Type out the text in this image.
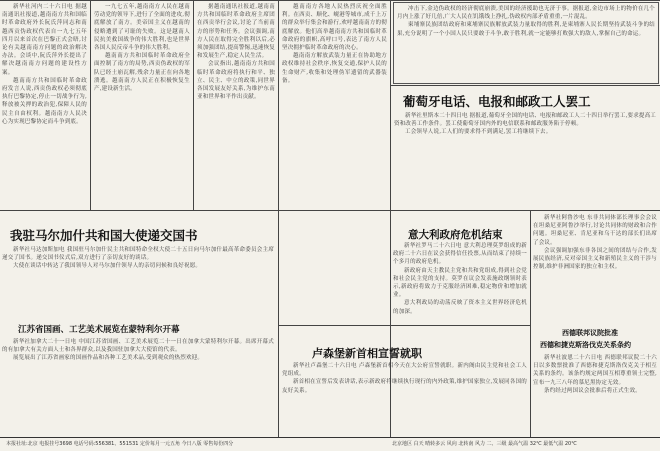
新华社河内二十六日电 据越南通讯社报道,越南南方共和国临时革命政府外长阮氏萍同志和南越西贡伪政权代表自一九七五年四月以来首次在巴黎正式会晤,讨论有关越南南方问题的政治解决办法。会谈中,阮氏萍外长提出了解决越南南方问题的建设性方案。

越南南方共和国临时革命政府发言人说,西贡伪政权必须彻底执行巴黎协定,停止一切战争行为,释放被关押的政治犯,保障人民的民主自由权利。越南南方人民决心为实现巴黎协定而斗争到底。

一九七五年,越南南方人民在越南劳动党的领导下,进行了全面的进攻,彻底解放了南方。美帝国主义在越南的侵略遭到了可耻的失败。这是越南人民抗美救国战争的伟大胜利,也是世界各国人民反帝斗争的伟大胜利。

越南南方共和国临时革命政府全面控制了南方的局势,西贡伪政权的军队已经土崩瓦解,残余力量正在向各地溃逃。越南南方人民正在积极恢复生产,建设新生活。

据越南通讯社报道,越南南方共和国临时革命政府主席团在西贡举行会议,讨论了当前南方的形势和任务。会议强调,南方人民在取得完全胜利以后,必须加强团结,提高警惕,迅速恢复和发展生产,稳定人民生活。

会议指出,越南南方共和国临时革命政府将执行和平、独立、民主、中立的政策,同世界各国发展友好关系,为维护东南亚和世界和平作出贡献。

越南南方各地人民热烈庆祝全面胜利。在西贡、顺化、岘港等城市,成千上万的群众举行集会和游行,欢呼越南南方的彻底解放。他们高举越南南方共和国临时革命政府的旗帜,高呼口号,表达了南方人民坚决拥护临时革命政府的决心。

越南南方解放武装力量正在协助地方政权维持社会秩序,恢复交通,保护人民的生命财产,收集和处理伪军遗留的武器装备。

冲击下,金边伪政权的经济彻底崩溃,美国的经济援助也无济于事。据报道,金边市场上的物价在几个月内上涨了好几倍,广大人民在饥饿线上挣扎,伪政权内部矛盾重重,一片混乱。

柬埔寨民族团结政府和柬埔寨民族解放武装力量取得的胜利,是柬埔寨人民长期坚持武装斗争的结果,充分说明了一个小国人民只要敢于斗争,敢于胜利,就一定能够打败强大的敌人,掌握自己的命运。

葡萄牙电话、电报和邮政工人罢工

新华社里斯本二十四日电 据报道,葡萄牙全国的电话、电报和邮政工人二十四日举行罢工,要求提高工资和改善工作条件。罢工使葡萄牙国内外的电信联系和邮政服务陷于停顿。

工会领导人说,工人们的要求得不到满足,罢工将继续下去。

我驻马尔加什共和国大使递交国书

新华社马达加斯加电 我国驻马尔加什民主共和国特命全权大使二十五日向马尔加什最高革命委员会主席递交了国书。递交国书仪式后,双方进行了亲切友好的谈话。

大使在谈话中转达了我国领导人对马尔加什领导人的亲切问候和良好祝愿。

江苏省国画、工艺美术展览在蒙特利尔开幕

新华社加拿大二十一日电 中国江苏省国画、工艺美术展览二十一日在加拿大蒙特利尔开幕。出席开幕式的有加拿大有关方面人士和各界群众,以及我国驻加拿大大使馆的代表。

展览展出了江苏省画家的国画作品和各种工艺美术品,受到观众的热烈欢迎。

意大利政府危机结束

新华社罗马二十六日电 意大利总理莫罗组成的新政府二十六日在议会获得信任投票,从而结束了持续一个多月的政府危机。

新政府由天主教民主党和共和党组成,得到社会党和社会民主党的支持。莫罗在议会发表施政纲领时表示,新政府将致力于克服经济困难,稳定物价和增加就业。

意大利政局的动荡反映了资本主义世界经济危机的加深。

新华社阿鲁沙电 东非共同体部长理事会会议在坦桑尼亚阿鲁沙举行,讨论共同体的财政和合作问题。坦桑尼亚、肯尼亚和乌干达的部长们出席了会议。

会议强调加强东非各国之间的团结与合作,发展民族经济,反对帝国主义和新殖民主义的干涉与控制,维护非洲国家的独立和主权。

西德联邦议院批准
西德和捷克斯洛伐克关系条约

新华社波恩二十六日电 西德联邦议院二十六日以多数票批准了西德和捷克斯洛伐克关于相互关系的条约。该条约规定两国互相尊重领土完整,宣布一九三八年的慕尼黑协定无效。

条约经过两国议会批准后将正式生效。

卢森堡新首相宣誓就职

新华社卢森堡二十六日电 卢森堡新首相今天在大公府宣誓就职。新内阁由民主党和社会工人党组成。

新首相在宣誓后发表讲话,表示新政府将继续执行现行的内外政策,维护国家独立,发展同各国的友好关系。

本报社址:北京 电报挂号3698 电话号码:556381、551531 定价每月一元五角 今日八版 零售每份四分	北京地区 白天 晴转多云 风向 北转南 风力 二、三级 最高气温 32℃ 最低气温 20℃
